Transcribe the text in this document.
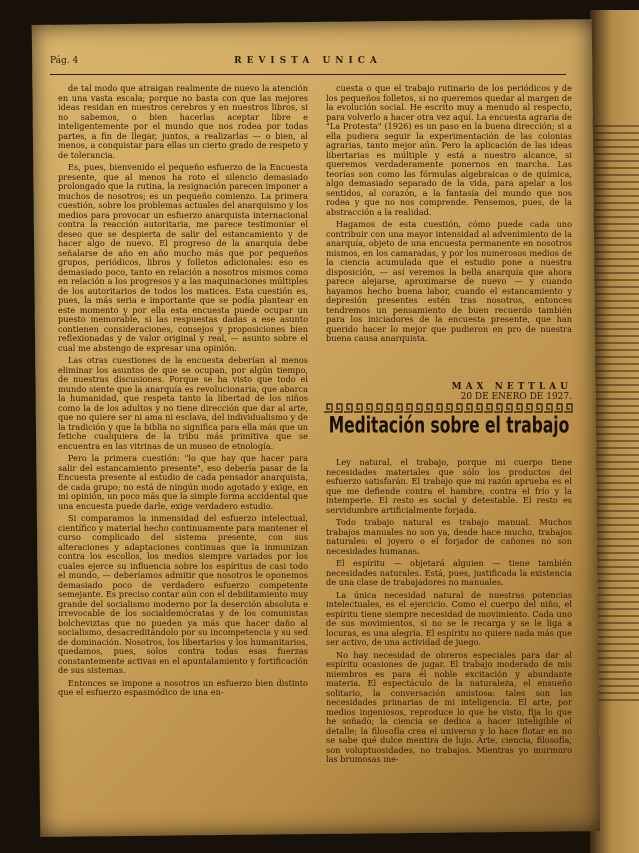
Pág. 4	REVISTA UNICA

de tal modo que atraigan realmente de nuevo la atención en una vasta escala; porque no basta con que las mejores ideas residan en nuestros cerebros y en nuestros libros, si no sabemos, o bien hacerlas aceptar libre e inteligentemente por el mundo que nos rodea por todas partes, a fin de llegar, juntos, a realizarlas — o bien, al menos, a conquistar para ellas un cierto grado de respeto y de tolerancia.

Es, pues, bienvenido el pequeño esfuerzo de la Encuesta presente, que al menos ha roto el silencio demasiado prolongado que la rutina, la resignación parecen imponer a muchos de nosotros; es un pequeño comienzo. La primera cuestión, sobre los problemas actuales del anarquismo y los medios para provocar un esfuerzo anarquista internacional contra la reacción autoritaria, me parece testimoniar el deseo que se despierta de salir del estancamiento y de hacer algo de nuevo. El progreso de la anarquía debe señalarse de año en año mucho más que por pequeños grupos, periódicos, libros y folletos adicionales: eso es demasiado poco, tanto en relación a nosotros mismos como en relación a los progresos y a las maquinaciones múltiples de los autoritarios de todos los matices. Esta cuestión es, pues, la más seria e importante que se podía plantear en este momento y por ella esta encuesta puede ocupar un puesto memorable, si las respuestas dadas a ese asunto contienen consideraciones, consejos y proposiciones bien reflexionadas y de valor original y real, — asunto sobre el cual me abstengo de expresar una opinión.

Las otras cuestiones de la encuesta deberían al menos eliminar los asuntos de que se ocupan, por algún tiempo, de nuestras discusiones. Porque se ha visto que todo el mundo siente que la anarquía es revolucionaria, que abarca la humanidad, que respeta tanto la libertad de los niños como la de los adultos y no tiene dirección que dar al arte, que no quiere ser ni ama ni esclava, del individualismo y de la tradición y que la biblia no significa para ella más que un fetiche cualquiera de la tribu más primitiva que se encuentra en las vitrinas de un museo de etnología.

Pero la primera cuestión: "lo que hay que hacer para salir del estancamiento presente", eso debería pasar de la Encuesta presente al estudio de cada pensador anarquista, de cada grupo; no está de ningún modo agotado y exige, en mi opinión, un poco más que la simple forma accidental que una encuesta puede darle, exige verdadero estudio.

Si comparamos la inmensidad del esfuerzo intelectual, científico y material hecho continuamente para mantener el curso complicado del sistema presente, con sus alteraciones y adaptaciones continuas que la inmunizan contra los escollos, los medios siempre variados por los cuales ejerce su influencia sobre los espíritus de casi todo el mundo, — deberíamos admitir que nosotros le oponemos demasiado poco de verdadero esfuerzo competente semejante. Es preciso contar aún con el debilitamiento muy grande del socialismo moderno por la deserción absoluta e irrevocable de los socialdemócratas y de los comunistas bolcheviztas que no pueden ya más que hacer daño al socialismo, desacreditándolo por su incompetencia y su sed de dominación. Nosotros, los libertarios y los humanitarios, quedamos, pues, solos contra todas esas fuerzas constantemente activas en el apuntalamiento y fortificación de sus sistemas.

Entonces se impone a nosotros un esfuerzo bien distinto que el esfuerzo espasmódico de una en-

cuesta o que el trabajo rutinario de los periódicos y de los pequeños folletos, si no queremos quedar al margen de la evolución social. He escrito muy a menudo al respecto, para volverlo a hacer otra vez aquí. La encuesta agraria de "La Protesta" (1926) es un paso en la buena dirección; si a ella pudiera seguir la experimentación de las colonias agrarias, tanto mejor aún. Pero la aplicación de las ideas libertarias es múltiple y está a nuestro alcance, si queremos verdaderamente ponernos en marcha. Las teorías son como las fórmulas algebraicas o de química, algo demasiado separado de la vida, para apelar a los sentidos, al corazón, a la fantasía del mundo que nos rodea y que no nos comprende. Pensemos, pues, de la abstracción a la realidad.

Hagamos de esta cuestión, cómo puede cada uno contribuir con una mayor intensidad al advenimiento de la anarquía, objeto de una encuesta permanente en nosotros mismos, en los camaradas, y por los numerosos medios de la ciencia acumulada que el estudio pone a nuestra disposición, — así veremos la bella anarquía que ahora parece alejarse, aproximarse de nuevo — y cuando hayamos hecho buena labor, cuando el estancamiento y depresión presentes estén tras nosotros, entonces tendremos un pensamiento de buen recuerdo también para los iniciadores de la encuesta presente, que han querido hacer lo mejor que pudieron en pro de nuestra buena causa anarquista.

MAX NETTLAU
20 DE ENERO DE 1927.
Meditación sobre el trabajo

Ley natural, el trabajo, porque mi cuerpo tiene necesidades materiales que sólo los productos del esfuerzo satisfarán. El trabajo que mi razón aprueba es el que me defiende contra el hambre, contra el frío y la intemperie. El resto es social y detestable. El resto es servidumbre artificialmente forjada.

Todo trabajo natural es trabajo manual. Muchos trabajos manuales no son ya, desde hace mucho, trabajos naturales: el joyero o el forjador de cañones no son necesidades humanas.

El espíritu — objetará alguien — tiene también necesidades naturales. Está, pues, justificada la existencia de una clase de trabajadores no manuales.

La única necesidad natural de nuestras potencias intelectuales, es el ejercicio. Como el cuerpo del niño, el espíritu tiene siempre necesidad de movimiento. Cada uno de sus movimientos, si no se le recarga y se le liga a locuras, es una alegría. El espíritu no quiere nada más que ser activo, de una actividad de juego.

No hay necesidad de obreros especiales para dar al espíritu ocasiones de jugar. El trabajo moderado de mis miembros es para él noble excitación y abundante materia. El espectáculo de la naturaleza, el ensueño solitario, la conversación amistosa: tales son las necesidades primarias de mi inteligencia. El arte, por medios ingeniosos, reproduce lo que he visto, fija lo que he soñado; la ciencia se dedica a hacer inteligible el detalle; la filosofía crea el universo y lo hace flotar en no se sabe qué dulce mentira de lujo. Arte, ciencia, filosofía, son voluptuosidades, no trabajos. Mientras yo murmuro las brumosas me-
